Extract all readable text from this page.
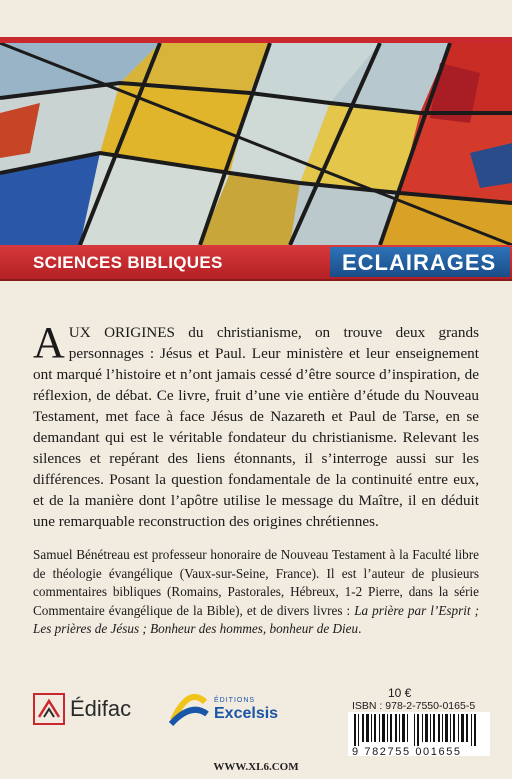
SCIENCES BIBLIQUES	ECLAIRAGES
AUX ORIGINES du christianisme, on trouve deux grands personnages : Jésus et Paul. Leur ministère et leur enseignement ont marqué l’histoire et n’ont jamais cessé d’être source d’inspiration, de réflexion, de débat. Ce livre, fruit d’une vie entière d’étude du Nouveau Testament, met face à face Jésus de Nazareth et Paul de Tarse, en se demandant qui est le véritable fondateur du christianisme. Relevant les silences et repérant des liens étonnants, il s’interroge aussi sur les différences. Posant la question fondamentale de la continuité entre eux, et de la manière dont l’apôtre utilise le message du Maître, il en déduit une remarquable reconstruction des origines chrétiennes.
Samuel Bénétreau est professeur honoraire de Nouveau Testament à la Faculté libre de théologie évangélique (Vaux-sur-Seine, France). Il est l’auteur de plusieurs commentaires bibliques (Romains, Pastorales, Hébreux, 1-2 Pierre, dans la série Commentaire évangélique de la Bible), et de divers livres : La prière par l’Esprit ; Les prières de Jésus ; Bonheur des hommes, bonheur de Dieu.
Édifac	ÉDITIONS
Excelsis
10 €
ISBN : 978-2-7550-0165-5
9 782755 001655
WWW.XL6.COM
